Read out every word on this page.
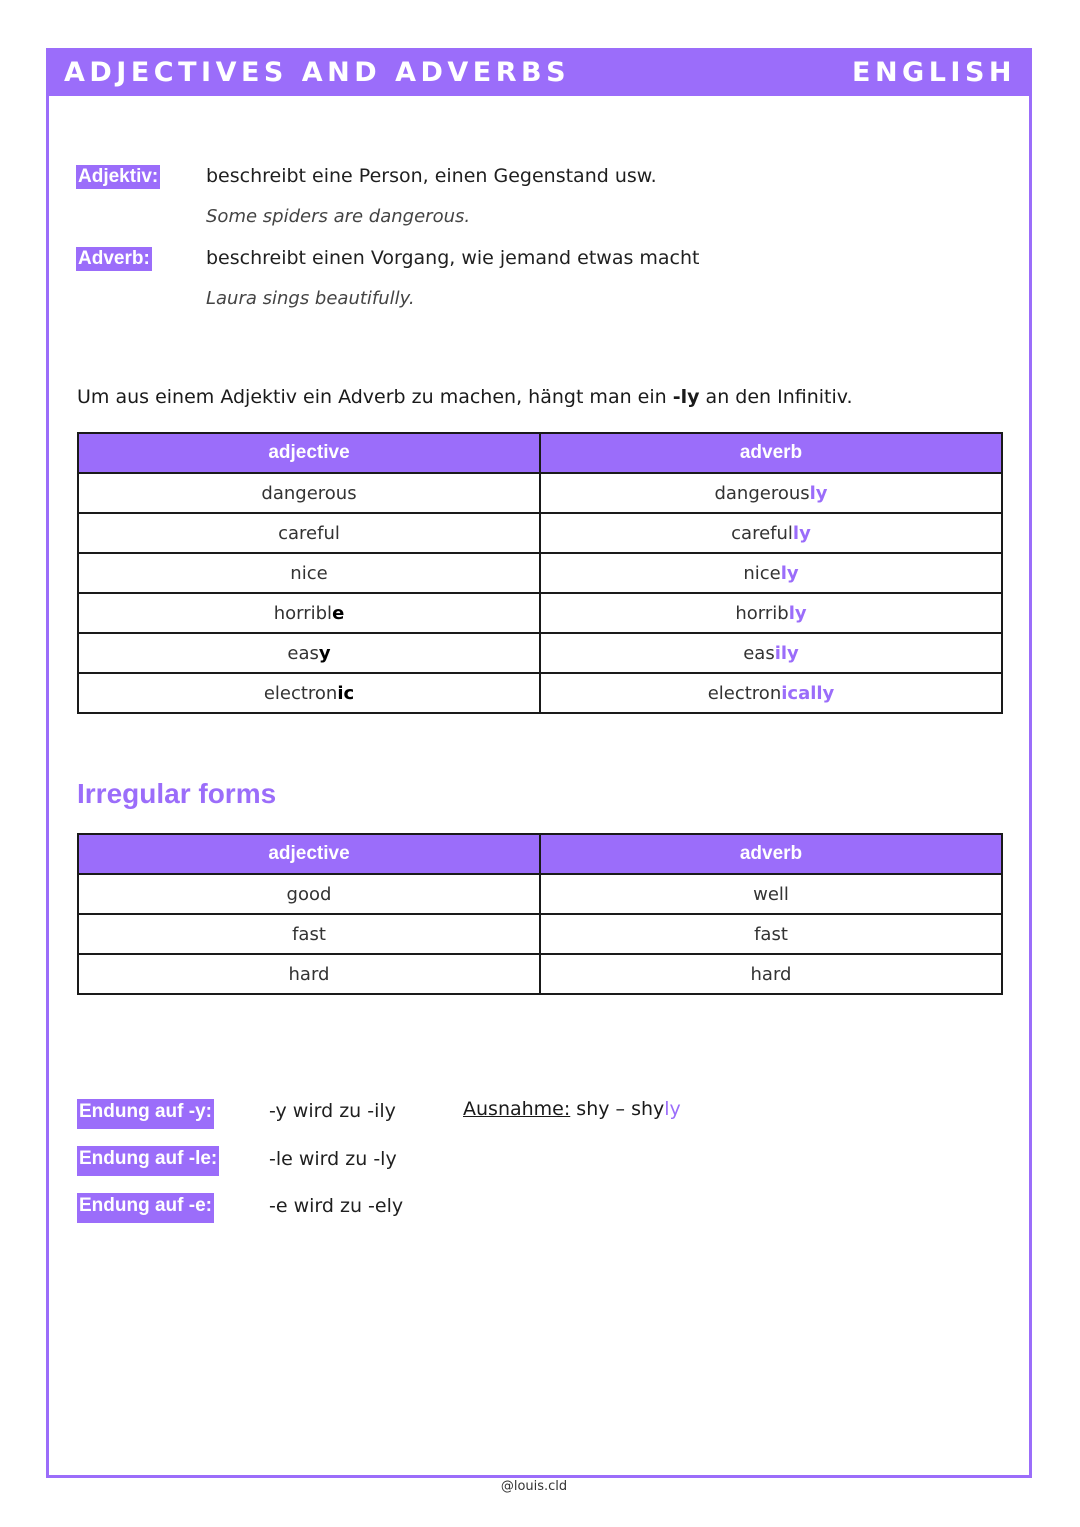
ADJECTIVES AND ADVERBS	ENGLISH
Adjektiv:	beschreibt eine Person, einen Gegenstand usw.
Some spiders are dangerous.
Adverb:	beschreibt einen Vorgang, wie jemand etwas macht
Laura sings beautifully.
Um aus einem Adjektiv ein Adverb zu machen, hängt man ein -ly an den Infinitiv.
adjective	adverb
dangerous	dangerously
careful	carefully
nice	nicely
horrible	horribly
easy	easily
electronic	electronically
Irregular forms
adjective	adverb
good	well
fast	fast
hard	hard
Endung auf -y:	-y wird zu -ily
Endung auf -le:	-le wird zu -ly
Endung auf -e:	-e wird zu -ely
Ausnahme: shy – shyly
@louis.cld
